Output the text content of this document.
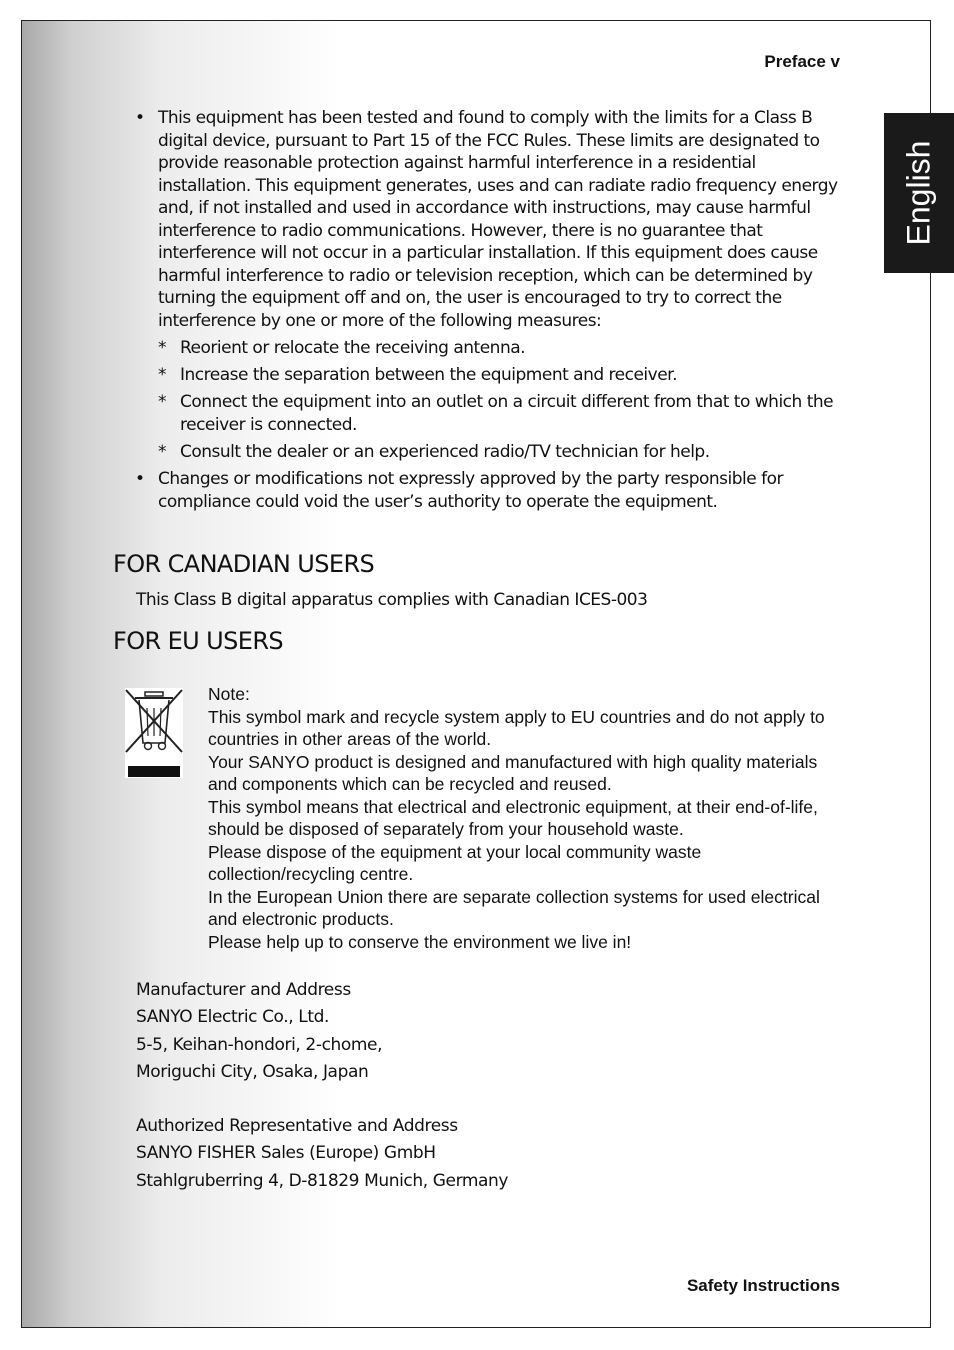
Preface v
English
• This equipment has been tested and found to comply with the limits for a Class B digital device, pursuant to Part 15 of the FCC Rules. These limits are designated to provide reasonable protection against harmful interference in a residential installation. This equipment generates, uses and can radiate radio frequency energy and, if not installed and used in accordance with instructions, may cause harmful interference to radio communications. However, there is no guarantee that interference will not occur in a particular installation. If this equipment does cause harmful interference to radio or television reception, which can be determined by turning the equipment off and on, the user is encouraged to try to correct the interference by one or more of the following measures:
* Reorient or relocate the receiving antenna.
* Increase the separation between the equipment and receiver.
* Connect the equipment into an outlet on a circuit different from that to which the receiver is connected.
* Consult the dealer or an experienced radio/TV technician for help.
• Changes or modifications not expressly approved by the party responsible for compliance could void the user’s authority to operate the equipment.
FOR CANADIAN USERS
This Class B digital apparatus complies with Canadian ICES-003
FOR EU USERS
Note:
This symbol mark and recycle system apply to EU countries and do not apply to countries in other areas of the world.
Your SANYO product is designed and manufactured with high quality materials and components which can be recycled and reused.
This symbol means that electrical and electronic equipment, at their end-of-life, should be disposed of separately from your household waste.
Please dispose of the equipment at your local community waste collection/recycling centre.
In the European Union there are separate collection systems for used electrical and electronic products.
Please help up to conserve the environment we live in!
Manufacturer and Address
SANYO Electric Co., Ltd.
5-5, Keihan-hondori, 2-chome,
Moriguchi City, Osaka, Japan
Authorized Representative and Address
SANYO FISHER Sales (Europe) GmbH
Stahlgruberring 4, D-81829 Munich, Germany
Safety Instructions
